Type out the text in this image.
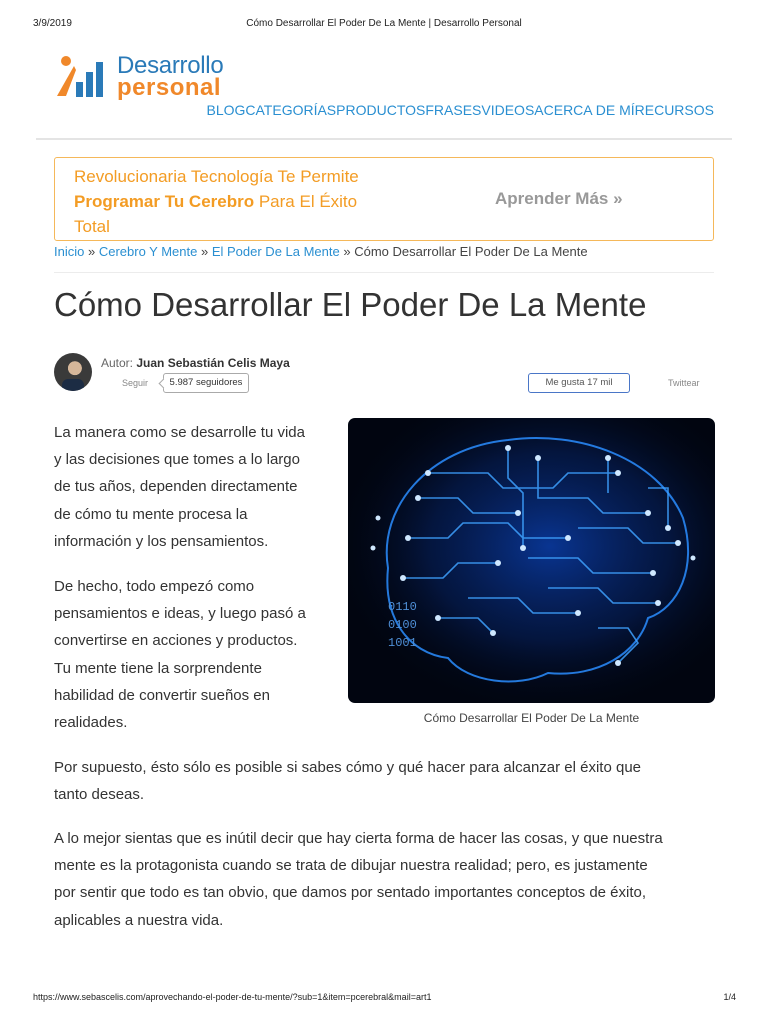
3/9/2019	Cómo Desarrollar El Poder De La Mente | Desarrollo Personal
Desarrollo
personal
BLOG CATEGORÍAS PRODUCTOS FRASES VIDEOS ACERCA DE MÍ RECURSOS
Revolucionaria Tecnología Te Permite
Programar Tu Cerebro Para El Éxito
Total
Aprender Más »
Inicio » Cerebro Y Mente » El Poder De La Mente » Cómo Desarrollar El Poder De La Mente
Cómo Desarrollar El Poder De La Mente
Autor: Juan Sebastián Celis Maya
Seguir	5.987 seguidores	Me gusta 17 mil	Twittear

La manera como se desarrolle tu vida
y las decisiones que tomes a lo largo
de tus años, dependen directamente
de cómo tu mente procesa la
información y los pensamientos.

0110
0100
1001
Cómo Desarrollar El Poder De La Mente

De hecho, todo empezó como
pensamientos e ideas, y luego pasó a
convertirse en acciones y productos.
Tu mente tiene la sorprendente
habilidad de convertir sueños en
realidades.

Por supuesto, ésto sólo es posible si sabes cómo y qué hacer para alcanzar el éxito que
tanto deseas.

A lo mejor sientas que es inútil decir que hay cierta forma de hacer las cosas, y que nuestra
mente es la protagonista cuando se trata de dibujar nuestra realidad; pero, es justamente
por sentir que todo es tan obvio, que damos por sentado importantes conceptos de éxito,
aplicables a nuestra vida.

https://www.sebascelis.com/aprovechando-el-poder-de-tu-mente/?sub=1&item=pcerebral&mail=art1	1/4
